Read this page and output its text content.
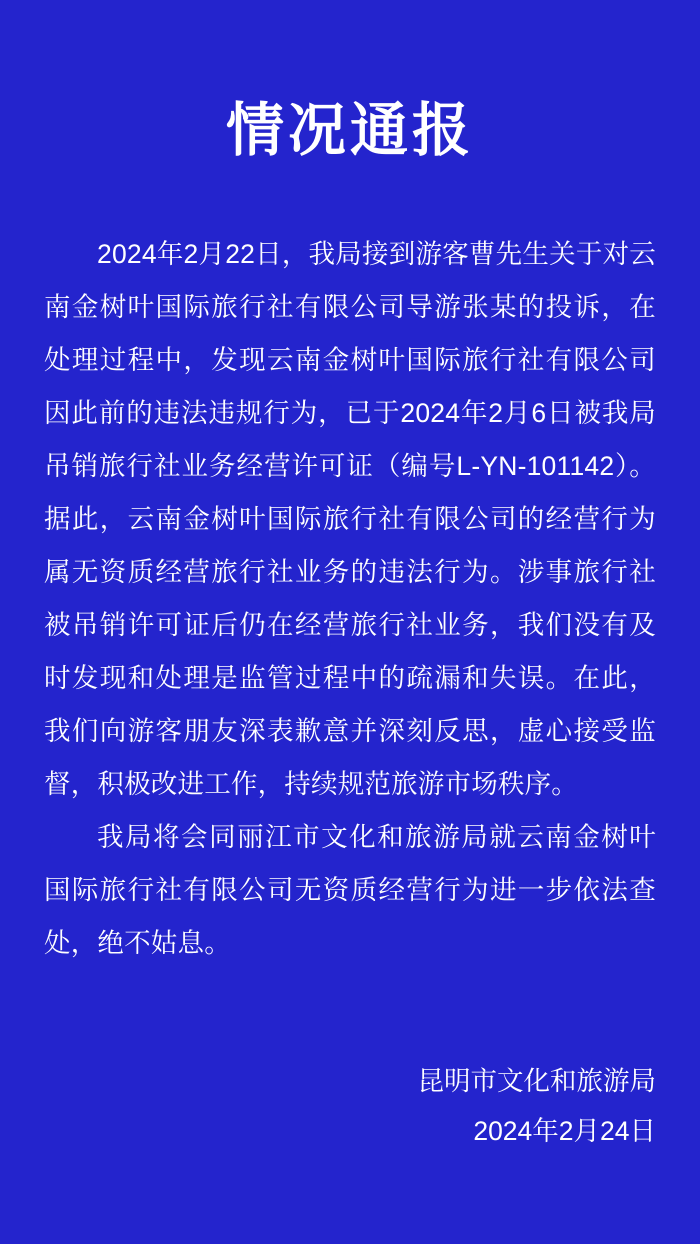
情况通报

2024年2月22日，我局接到游客曹先生关于对云南金树叶国际旅行社有限公司导游张某的投诉，在处理过程中，发现云南金树叶国际旅行社有限公司因此前的违法违规行为，已于2024年2月6日被我局吊销旅行社业务经营许可证（编号L-YN-101142）。据此，云南金树叶国际旅行社有限公司的经营行为属无资质经营旅行社业务的违法行为。涉事旅行社被吊销许可证后仍在经营旅行社业务，我们没有及时发现和处理是监管过程中的疏漏和失误。在此，我们向游客朋友深表歉意并深刻反思，虚心接受监督，积极改进工作，持续规范旅游市场秩序。

我局将会同丽江市文化和旅游局就云南金树叶国际旅行社有限公司无资质经营行为进一步依法查处，绝不姑息。

昆明市文化和旅游局
2024年2月24日
